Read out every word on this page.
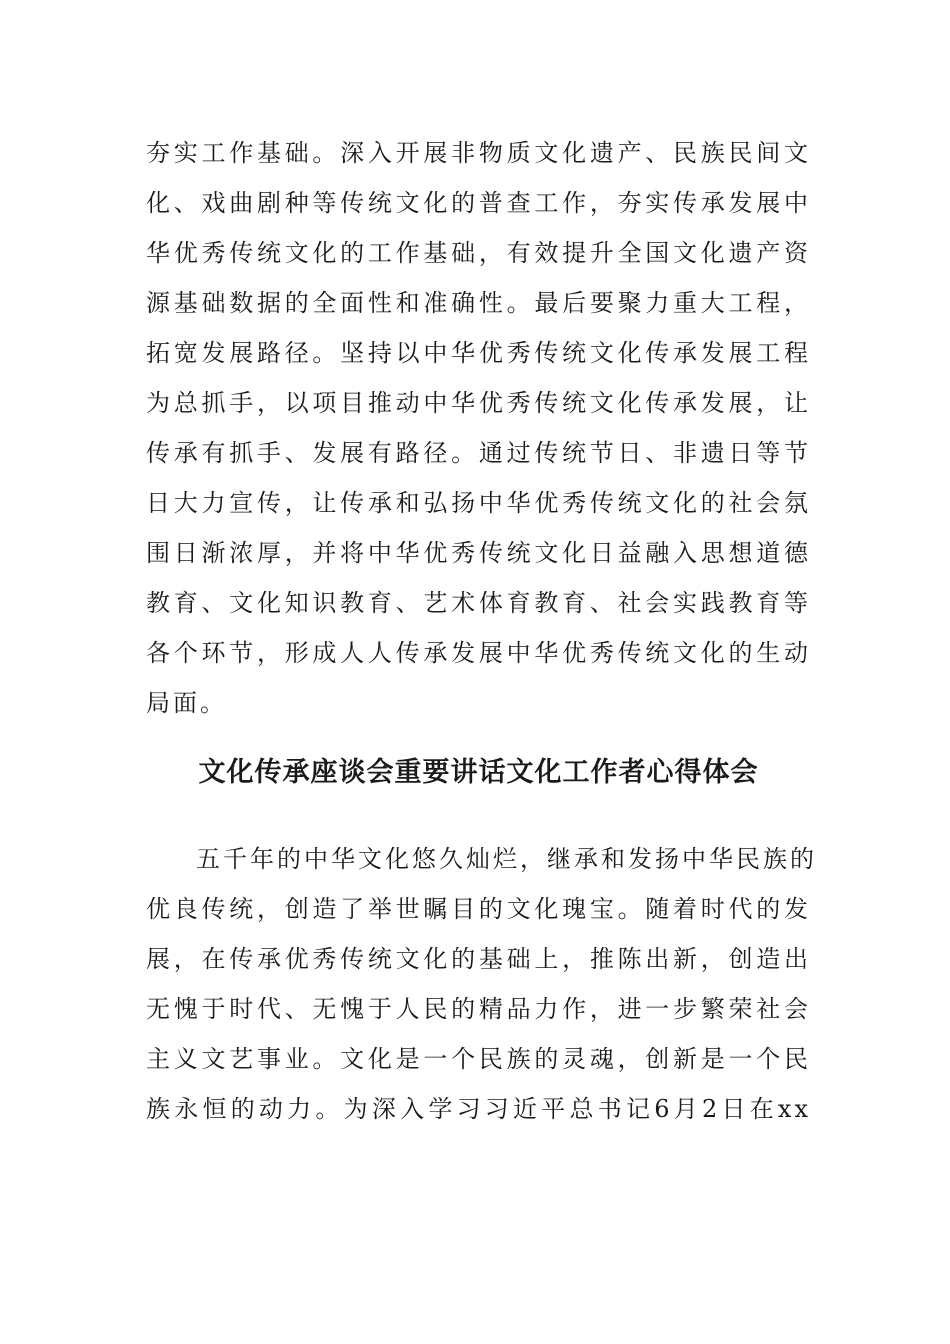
夯实工作基础。深入开展非物质文化遗产、民族民间文
化、戏曲剧种等传统文化的普查工作，夯实传承发展中
华优秀传统文化的工作基础，有效提升全国文化遗产资
源基础数据的全面性和准确性。最后要聚力重大工程，
拓宽发展路径。坚持以中华优秀传统文化传承发展工程
为总抓手，以项目推动中华优秀传统文化传承发展，让
传承有抓手、发展有路径。通过传统节日、非遗日等节
日大力宣传，让传承和弘扬中华优秀传统文化的社会氛
围日渐浓厚，并将中华优秀传统文化日益融入思想道德
教育、文化知识教育、艺术体育教育、社会实践教育等
各个环节，形成人人传承发展中华优秀传统文化的生动
局面。
文化传承座谈会重要讲话文化工作者心得体会
五千年的中华文化悠久灿烂，继承和发扬中华民族的
优良传统，创造了举世瞩目的文化瑰宝。随着时代的发
展，在传承优秀传统文化的基础上，推陈出新，创造出
无愧于时代、无愧于人民的精品力作，进一步繁荣社会
主义文艺事业。文化是一个民族的灵魂，创新是一个民
族永恒的动力。为深入学习习近平总书记6月2日在xx
